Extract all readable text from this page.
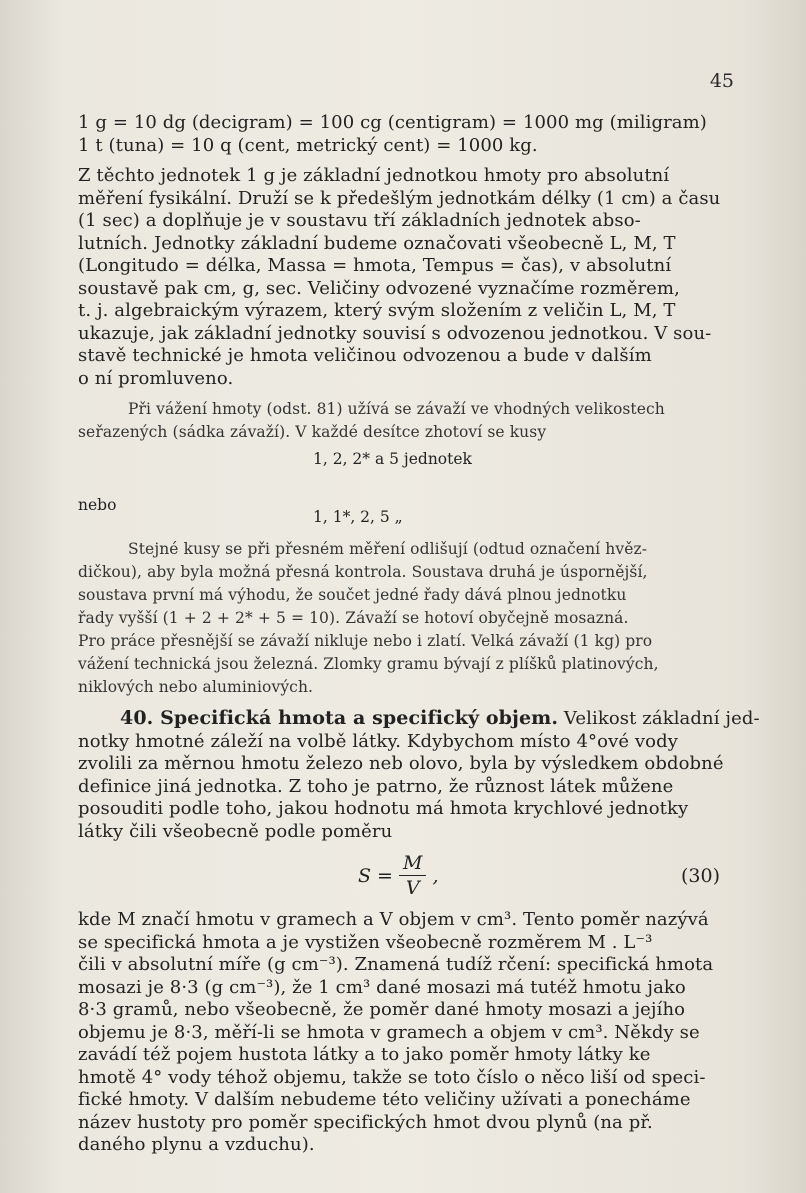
45
1 g = 10 dg (decigram) = 100 cg (centigram) = 1000 mg (miligram)
1 t (tuna) = 10 q (cent, metrický cent) = 1000 kg.
Z těchto jednotek 1 g je základní jednotkou hmoty pro absolutní
měření fysikální. Druží se k předešlým jednotkám délky (1 cm) a času
(1 sec) a doplňuje je v soustavu tří základních jednotek abso-
lutních. Jednotky základní budeme označovati všeobecně L, M, T
(Longitudo = délka, Massa = hmota, Tempus = čas), v absolutní
soustavě pak cm, g, sec. Veličiny odvozené vyznačíme rozměrem,
t. j. algebraickým výrazem, který svým složením z veličin L, M, T
ukazuje, jak základní jednotky souvisí s odvozenou jednotkou. V sou-
stavě technické je hmota veličinou odvozenou a bude v dalším
o ní promluveno.
Při vážení hmoty (odst. 81) užívá se závaží ve vhodných velikostech
seřazených (sádka závaží). V každé desítce zhotoví se kusy
1, 2, 2* a 5 jednotek
nebo
1, 1*, 2, 5 „
Stejné kusy se při přesném měření odlišují (odtud označení hvěz-
dičkou), aby byla možná přesná kontrola. Soustava druhá je úspornější,
soustava první má výhodu, že součet jedné řady dává plnou jednotku
řady vyšší (1 + 2 + 2* + 5 = 10). Závaží se hotoví obyčejně mosazná.
Pro práce přesnější se závaží nikluje nebo i zlatí. Velká závaží (1 kg) pro
vážení technická jsou železná. Zlomky gramu bývají z plíšků platinových,
niklových nebo aluminiových.
40. Specifická hmota a specifický objem. Velikost základní jed-
notky hmotné záleží na volbě látky. Kdybychom místo 4°ové vody
zvolili za měrnou hmotu železo neb olovo, byla by výsledkem obdobné
definice jiná jednotka. Z toho je patrno, že různost látek můžene
posouditi podle toho, jakou hodnotu má hmota krychlové jednotky
látky čili všeobecně podle poměru
$S = \frac{M}{V}$ ,	(30)
kde M značí hmotu v gramech a V objem v cm³. Tento poměr nazývá
se specifická hmota a je vystižen všeobecně rozměrem M . L⁻³
čili v absolutní míře (g cm⁻³). Znamená tudíž rčení: specifická hmota
mosazi je 8·3 (g cm⁻³), že 1 cm³ dané mosazi má tutéž hmotu jako
8·3 gramů, nebo všeobecně, že poměr dané hmoty mosazi a jejího
objemu je 8·3, měří-li se hmota v gramech a objem v cm³. Někdy se
zavádí též pojem hustota látky a to jako poměr hmoty látky ke
hmotě 4° vody téhož objemu, takže se toto číslo o něco liší od speci-
fické hmoty. V dalším nebudeme této veličiny užívati a ponecháme
název hustoty pro poměr specifických hmot dvou plynů (na př.
daného plynu a vzduchu).
